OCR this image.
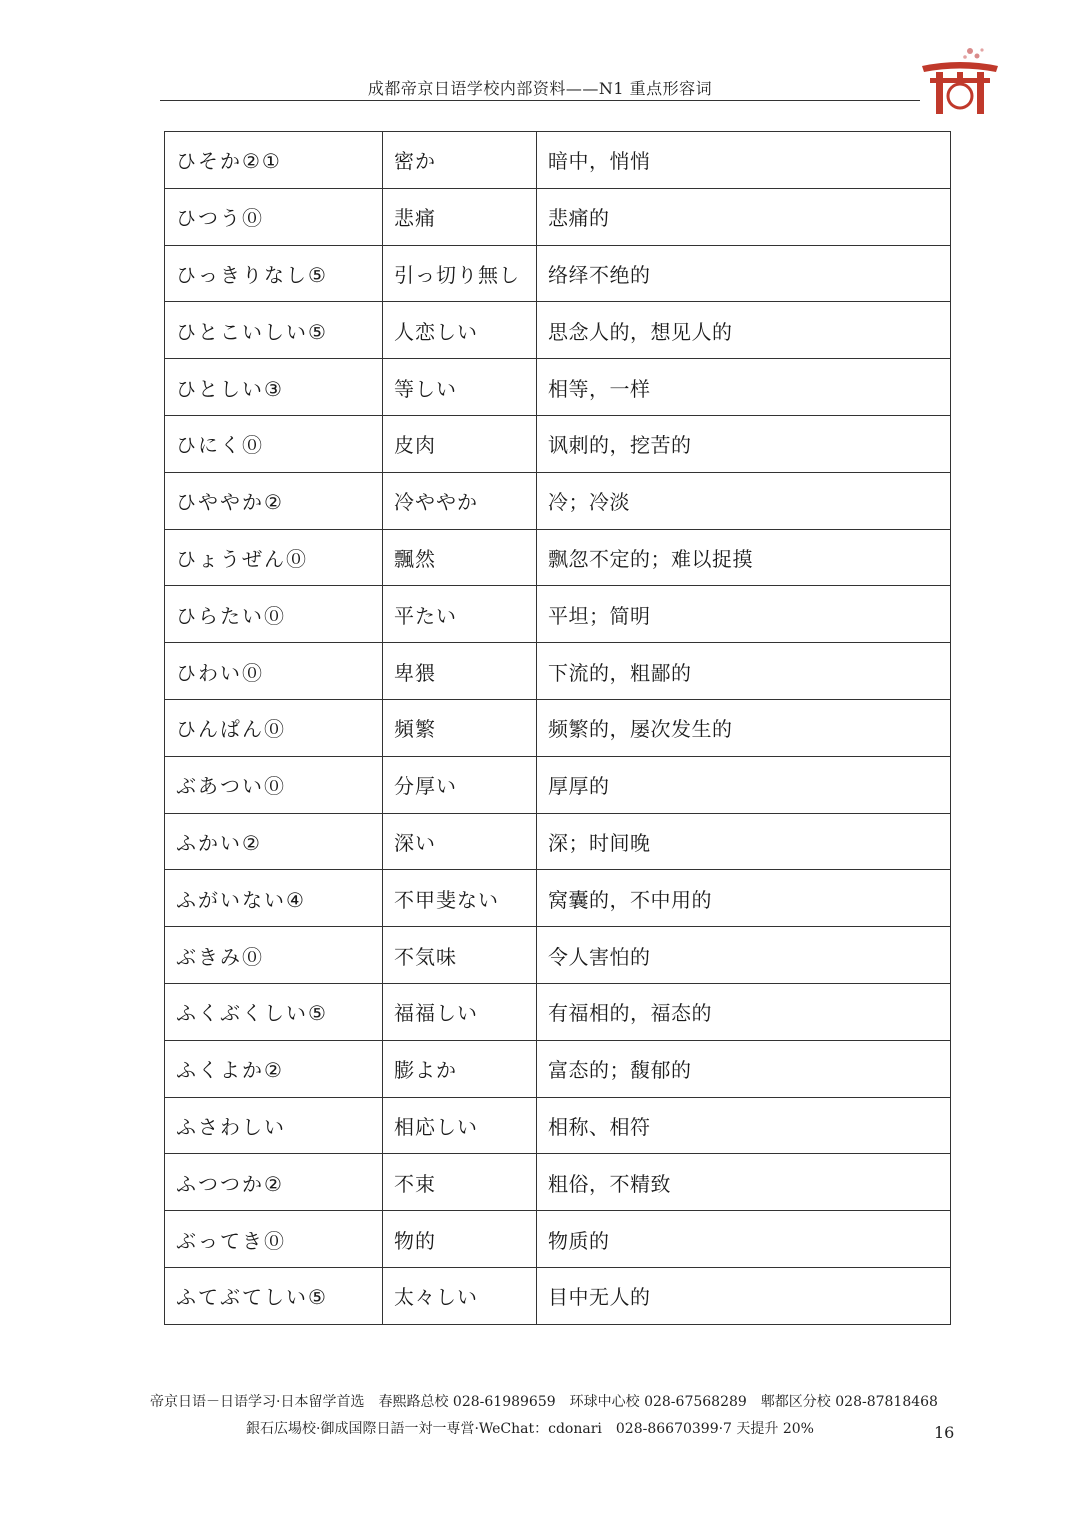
成都帝京日语学校内部资料——N1 重点形容词
ひそか②①	密か	暗中，悄悄
ひつう⓪	悲痛	悲痛的
ひっきりなし⑤	引っ切り無し	络绎不绝的
ひとこいしい⑤	人恋しい	思念人的，想见人的
ひとしい③	等しい	相等，一样
ひにく⓪	皮肉	讽刺的，挖苦的
ひややか②	冷ややか	冷；冷淡
ひょうぜん⓪	飄然	飘忽不定的；难以捉摸
ひらたい⓪	平たい	平坦；简明
ひわい⓪	卑猥	下流的，粗鄙的
ひんぱん⓪	頻繁	频繁的，屡次发生的
ぶあつい⓪	分厚い	厚厚的
ふかい②	深い	深；时间晚
ふがいない④	不甲斐ない	窝囊的，不中用的
ぶきみ⓪	不気味	令人害怕的
ふくぶくしい⑤	福福しい	有福相的，福态的
ふくよか②	膨よか	富态的；馥郁的
ふさわしい	相応しい	相称、相符
ふつつか②	不束	粗俗，不精致
ぶってき⓪	物的	物质的
ふてぶてしい⑤	太々しい	目中无人的
帝京日语－日语学习·日本留学首选　春熙路总校 028-61989659　环球中心校 028-67568289　郫都区分校 028-87818468
銀石広場校·御成国際日語一対一専営·WeChat：cdonari　028-86670399·7 天提升 20%	16
